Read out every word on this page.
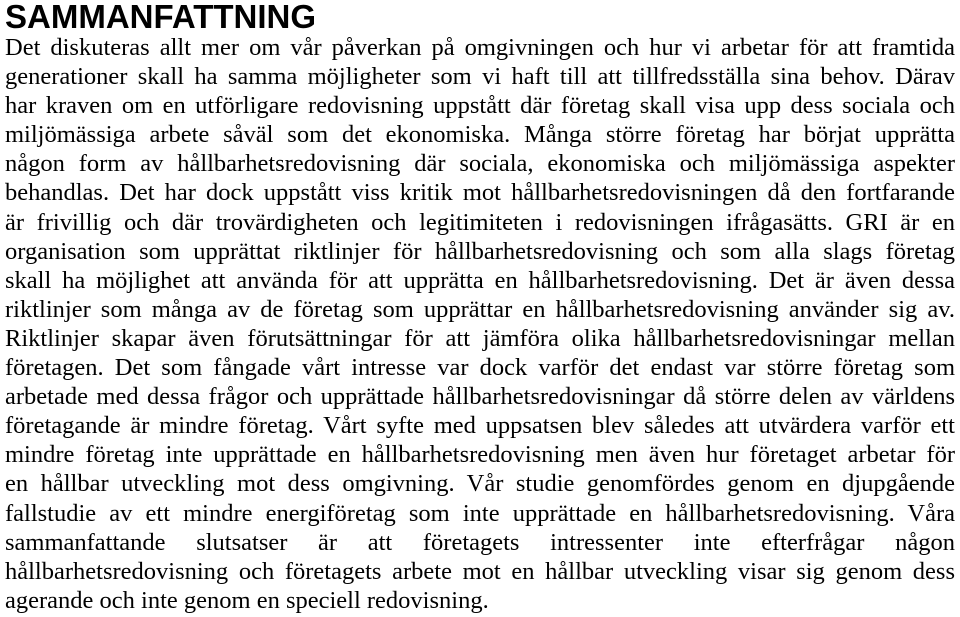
SAMMANFATTNING
Det diskuteras allt mer om vår påverkan på omgivningen och hur vi arbetar för att framtida
generationer skall ha samma möjligheter som vi haft till att tillfredsställa sina behov. Därav
har kraven om en utförligare redovisning uppstått där företag skall visa upp dess sociala och
miljömässiga arbete såväl som det ekonomiska. Många större företag har börjat upprätta
någon form av hållbarhetsredovisning där sociala, ekonomiska och miljömässiga aspekter
behandlas. Det har dock uppstått viss kritik mot hållbarhetsredovisningen då den fortfarande
är frivillig och där trovärdigheten och legitimiteten i redovisningen ifrågasätts. GRI är en
organisation som upprättat riktlinjer för hållbarhetsredovisning och som alla slags företag
skall ha möjlighet att använda för att upprätta en hållbarhetsredovisning. Det är även dessa
riktlinjer som många av de företag som upprättar en hållbarhetsredovisning använder sig av.
Riktlinjer skapar även förutsättningar för att jämföra olika hållbarhetsredovisningar mellan
företagen. Det som fångade vårt intresse var dock varför det endast var större företag som
arbetade med dessa frågor och upprättade hållbarhetsredovisningar då större delen av världens
företagande är mindre företag. Vårt syfte med uppsatsen blev således att utvärdera varför ett
mindre företag inte upprättade en hållbarhetsredovisning men även hur företaget arbetar för
en hållbar utveckling mot dess omgivning. Vår studie genomfördes genom en djupgående
fallstudie av ett mindre energiföretag som inte upprättade en hållbarhetsredovisning. Våra
sammanfattande slutsatser är att företagets intressenter inte efterfrågar någon
hållbarhetsredovisning och företagets arbete mot en hållbar utveckling visar sig genom dess
agerande och inte genom en speciell redovisning.
